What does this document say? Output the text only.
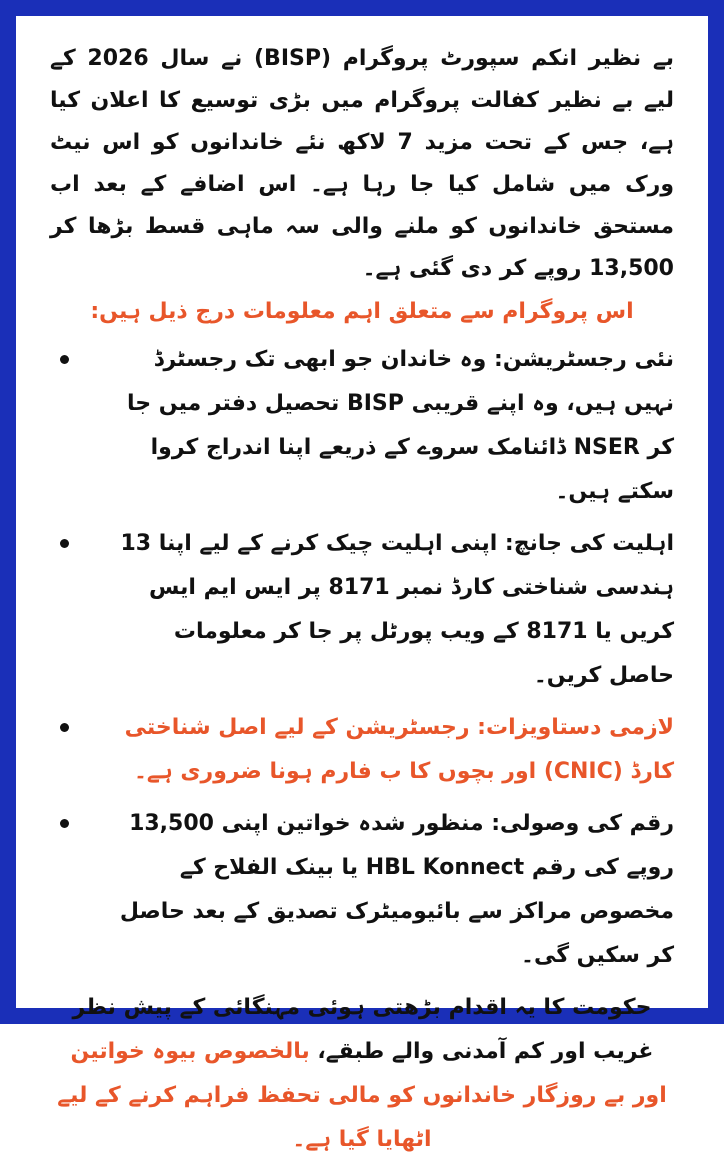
بے نظیر انکم سپورٹ پروگرام (BISP) نے سال 2026 کے لیے بے نظیر کفالت پروگرام میں بڑی توسیع کا اعلان کیا ہے، جس کے تحت مزید 7 لاکھ نئے خاندانوں کو اس نیٹ ورک میں شامل کیا جا رہا ہے۔ اس اضافے کے بعد اب مستحق خاندانوں کو ملنے والی سہ ماہی قسط بڑھا کر 13,500 روپے کر دی گئی ہے۔

اس پروگرام سے متعلق اہم معلومات درج ذیل ہیں:

نئی رجسٹریشن: وہ خاندان جو ابھی تک رجسٹرڈ نہیں ہیں، وہ اپنے قریبی BISP تحصیل دفتر میں جا کر NSER ڈائنامک سروے کے ذریعے اپنا اندراج کروا سکتے ہیں۔
اہلیت کی جانچ: اپنی اہلیت چیک کرنے کے لیے اپنا 13 ہندسی شناختی کارڈ نمبر 8171 پر ایس ایم ایس کریں یا 8171 کے ویب پورٹل پر جا کر معلومات حاصل کریں۔
لازمی دستاویزات: رجسٹریشن کے لیے اصل شناختی کارڈ (CNIC) اور بچوں کا ب فارم ہونا ضروری ہے۔
رقم کی وصولی: منظور شدہ خواتین اپنی 13,500 روپے کی رقم HBL Konnect یا بینک الفلاح کے مخصوص مراکز سے بائیومیٹرک تصدیق کے بعد حاصل کر سکیں گی۔

حکومت کا یہ اقدام بڑھتی ہوئی مہنگائی کے پیش نظر غریب اور کم آمدنی والے طبقے، بالخصوص بیوہ خواتین اور بے روزگار خاندانوں کو مالی تحفظ فراہم کرنے کے لیے اٹھایا گیا ہے۔
